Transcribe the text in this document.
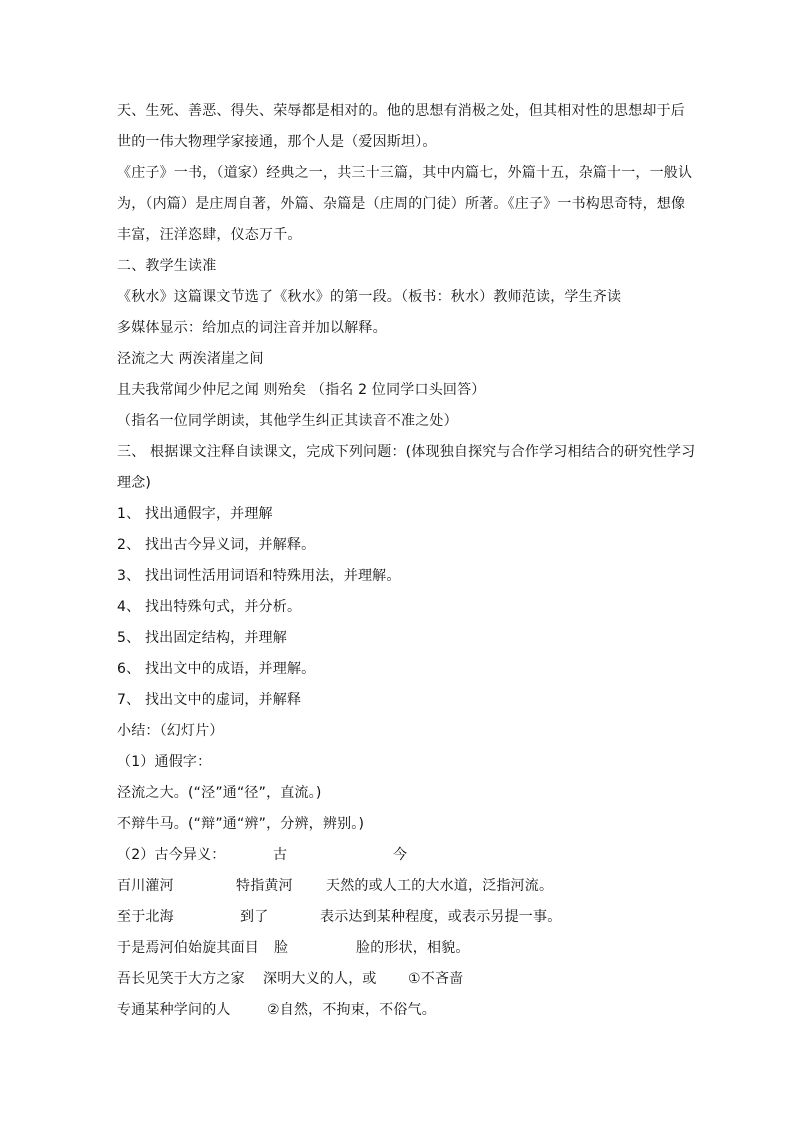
天、生死、善恶、得失、荣辱都是相对的。他的思想有消极之处，但其相对性的思想却于后
世的一伟大物理学家接通，那个人是（爱因斯坦）。
《庄子》一书，（道家）经典之一，共三十三篇，其中内篇七，外篇十五，杂篇十一，一般认
为，（内篇）是庄周自著，外篇、杂篇是（庄周的门徒）所著。《庄子》一书构思奇特，想像
丰富，汪洋恣肆，仪态万千。
二、教学生读准
《秋水》这篇课文节选了《秋水》的第一段。（板书：秋水）教师范读，学生齐读
多媒体显示：给加点的词注音并加以解释。
泾流之大 两涘渚崖之间
且夫我常闻少仲尼之闻 则殆矣 （指名 2 位同学口头回答）
（指名一位同学朗读，其他学生纠正其读音不准之处）
三、 根据课文注释自读课文，完成下列问题：(体现独自探究与合作学习相结合的研究性学习
理念)
1、 找出通假字，并理解
2、 找出古今异义词，并解释。
3、 找出词性活用词语和特殊用法，并理解。
4、 找出特殊句式，并分析。
5、 找出固定结构，并理解
6、 找出文中的成语，并理解。
7、 找出文中的虚词，并解释
小结：（幻灯片）
（1）通假字：
泾流之大。(“泾”通“径”，直流。)
不辩牛马。(“辩”通“辨”，分辨，辨别。)
（2）古今异义：	古	今
百川灌河	特指黄河 天然的或人工的大水道，泛指河流。
至于北海	到了	表示达到某种程度，或表示另提一事。
于是焉河伯始旋其面目 脸	脸的形状，相貌。
吾长见笑于大方之家 深明大义的人，或 ①不吝啬
专通某种学问的人	②自然，不拘束，不俗气。
